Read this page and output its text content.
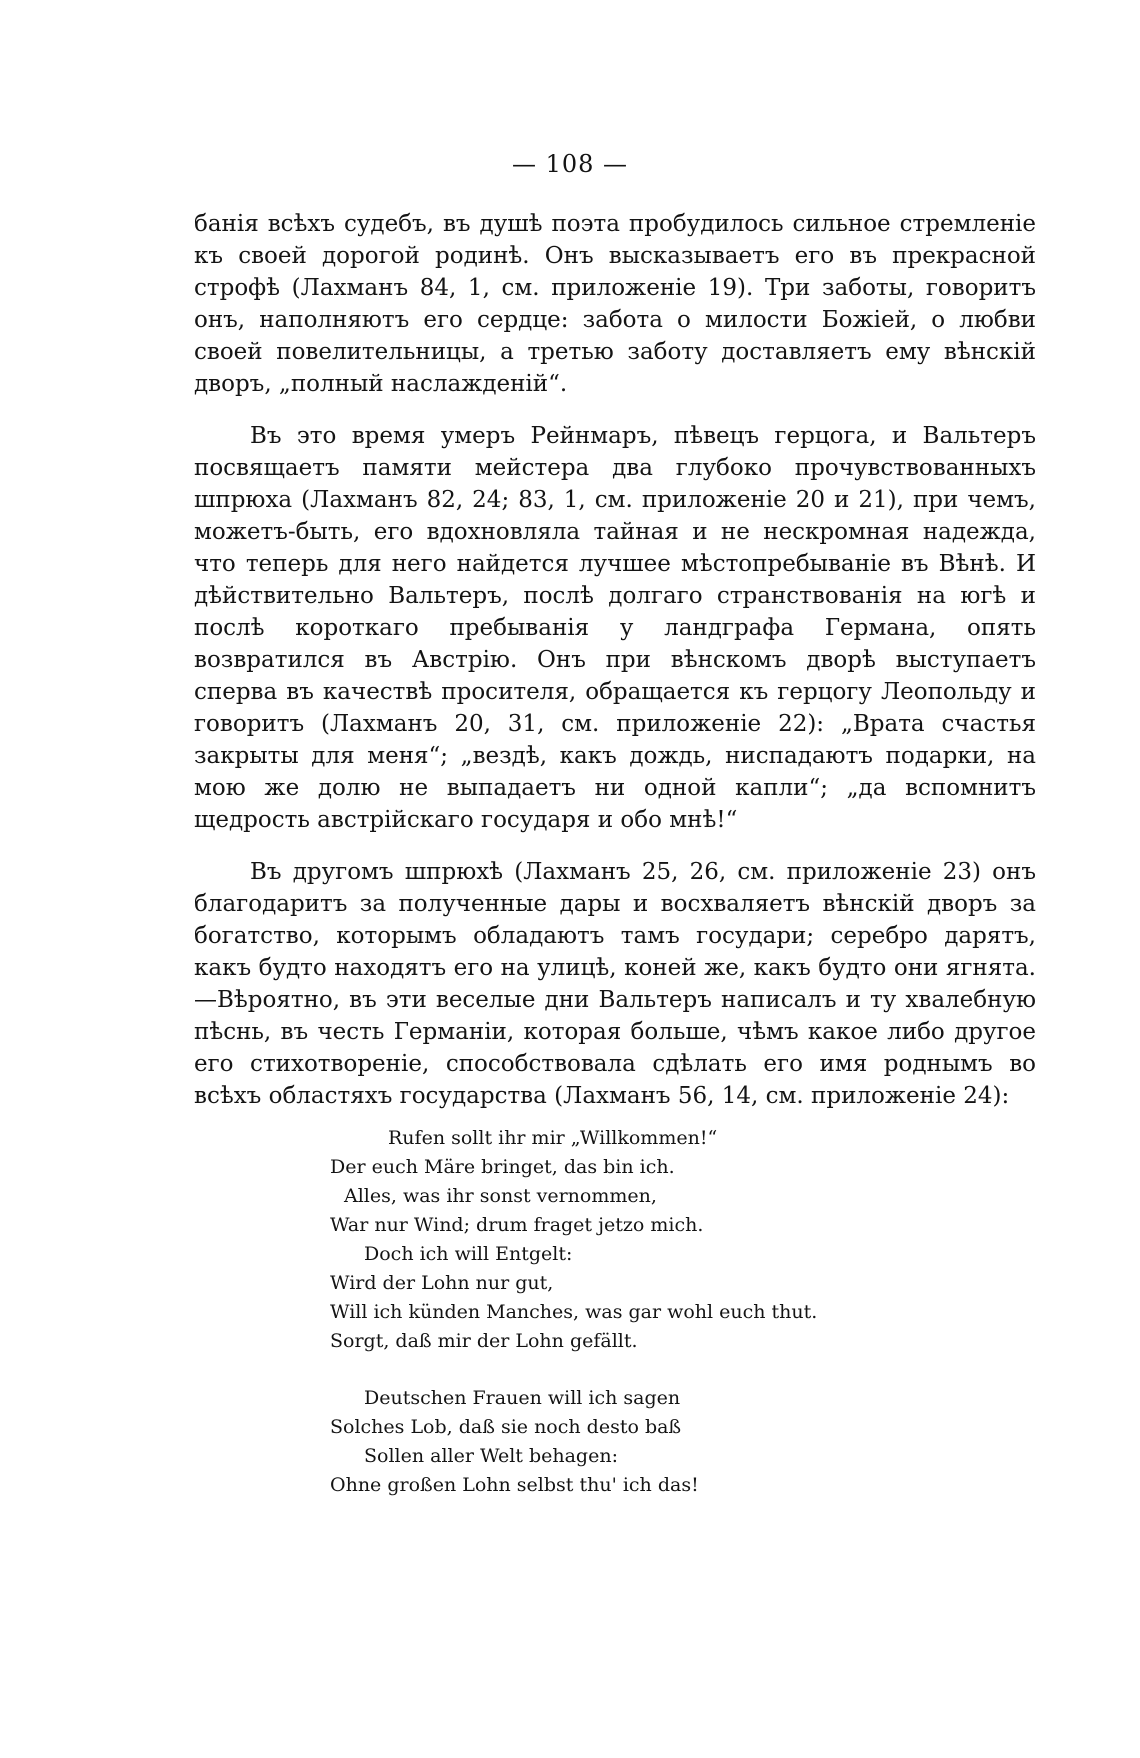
— 108 —

банія всѣхъ судебъ, въ душѣ поэта пробудилось сильное стремленіе къ своей дорогой родинѣ. Онъ высказываетъ его въ прекрасной строфѣ (Лахманъ 84, 1, см. приложеніе 19). Три заботы, говоритъ онъ, наполняютъ его сердце: забота о милости Божіей, о любви своей повелительницы, а третью заботу доставляетъ ему вѣнскій дворъ, „полный наслажденій“.

Въ это время умеръ Рейнмаръ, пѣвецъ герцога, и Вальтеръ посвящаетъ памяти мейстера два глубоко прочувствованныхъ шпрюха (Лахманъ 82, 24; 83, 1, см. приложеніе 20 и 21), при чемъ, можетъ-быть, его вдохновляла тайная и не нескромная надежда, что теперь для него найдется лучшее мѣстопребываніе въ Вѣнѣ. И дѣйствительно Вальтеръ, послѣ долгаго странствованія на югѣ и послѣ короткаго пребыванія у ландграфа Германа, опять возвратился въ Австрію. Онъ при вѣнскомъ дворѣ выступаетъ сперва въ качествѣ просителя, обращается къ герцогу Леопольду и говоритъ (Лахманъ 20, 31, см. приложеніе 22): „Врата счастья закрыты для меня“; „вездѣ, какъ дождь, ниспадаютъ подарки, на мою же долю не выпадаетъ ни одной капли“; „да вспомнитъ щедрость австрійскаго государя и обо мнѣ!“

Въ другомъ шпрюхѣ (Лахманъ 25, 26, см. приложеніе 23) онъ благодаритъ за полученные дары и восхваляетъ вѣнскій дворъ за богатство, которымъ обладаютъ тамъ государи; серебро дарятъ, какъ будто находятъ его на улицѣ, коней же, какъ будто они ягнята.—Вѣроятно, въ эти веселые дни Вальтеръ написалъ и ту хвалебную пѣснь, въ честь Германіи, которая больше, чѣмъ какое либо другое его стихотвореніе, способствовала сдѣлать его имя роднымъ во всѣхъ областяхъ государства (Лахманъ 56, 14, см. приложеніе 24):

Rufen sollt ihr mir „Willkommen!“
Der euch Märe bringet, das bin ich.
Alles, was ihr sonst vernommen,
War nur Wind; drum fraget jetzo mich.
Doch ich will Entgelt:
Wird der Lohn nur gut,
Will ich künden Manches, was gar wohl euch thut.
Sorgt, daß mir der Lohn gefällt.
Deutschen Frauen will ich sagen
Solches Lob, daß sie noch desto baß
Sollen aller Welt behagen:
Ohne großen Lohn selbst thu' ich das!
